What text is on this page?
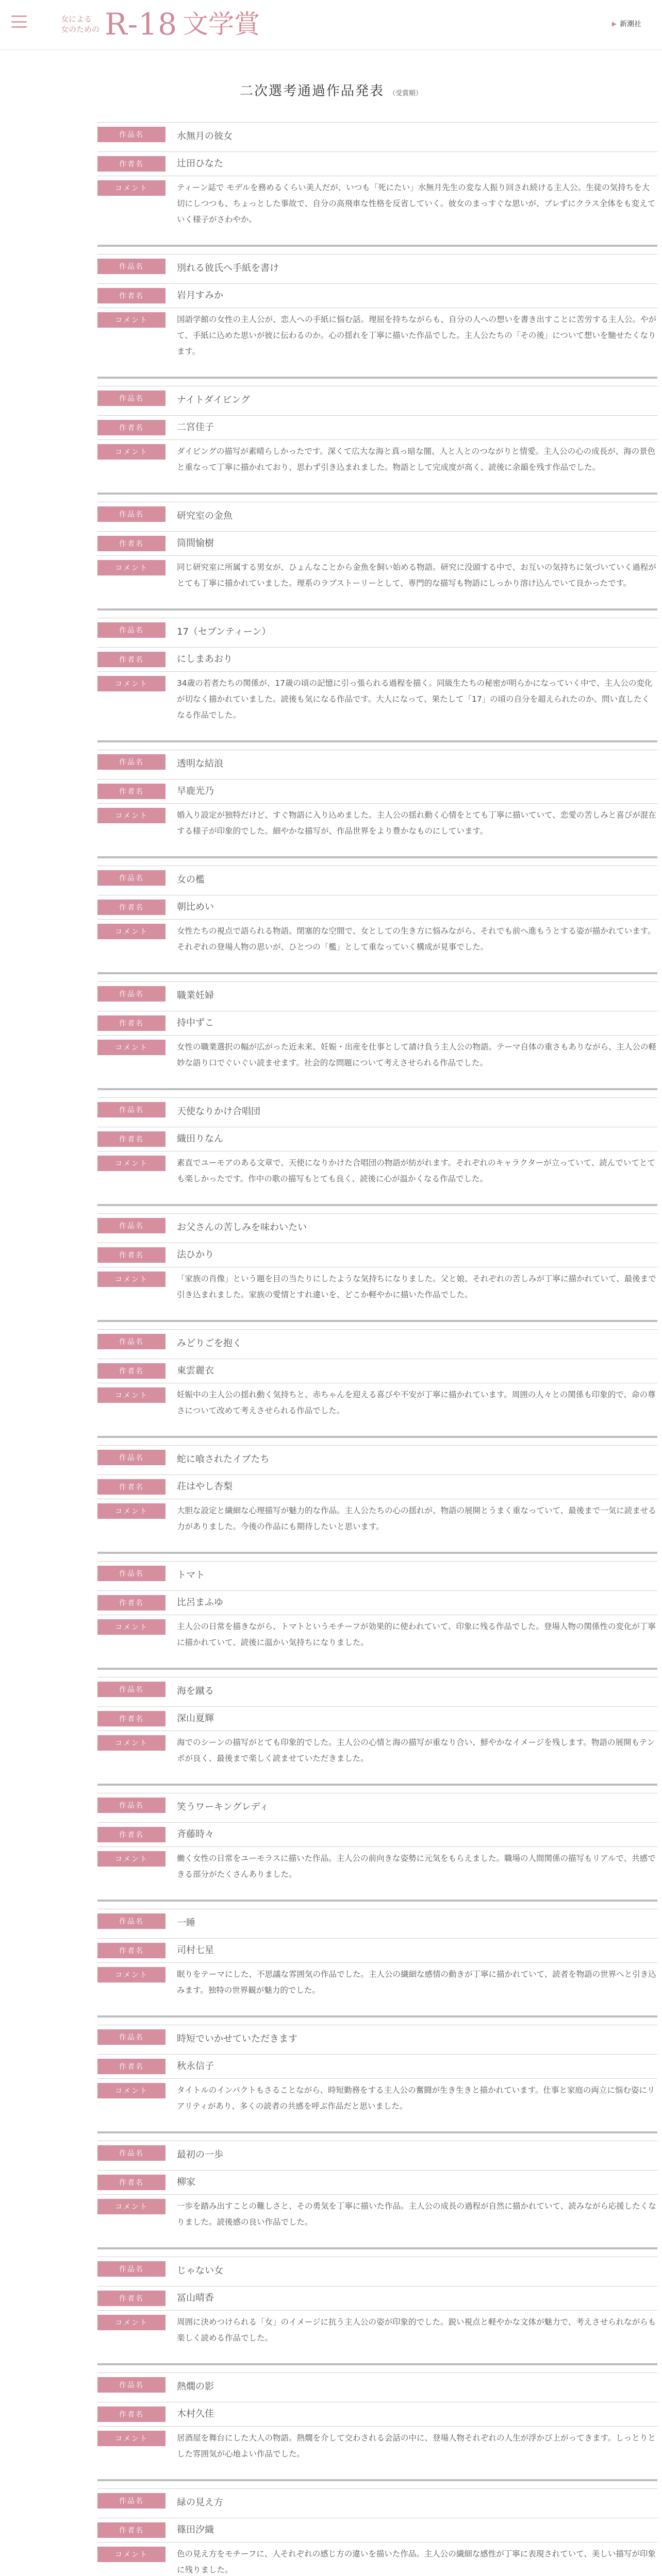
女による
女のための R-18 文学賞	▶ 新潮社
二次選考通過作品発表 （受賞順）
作品名	水無月の彼女
作者名	辻田ひなた
コメント	ティーン誌で モデルを務めるくらい美人だが、いつも「死にたい」水無月先生の変な人振り回され続ける主人公。生徒の気持ちを大切にしつつも、ちょっとした事故で、自分の高飛車な性格を反省していく。彼女のまっすぐな思いが、ブレずにクラス全体をも変えていく様子がさわやか。
作品名	別れる彼氏へ手紙を書け
作者名	岩月すみか
コメント	国語学館の女性の主人公が、恋人への手紙に悩む話。理屈を持ちながらも、自分の人への想いを書き出すことに苦労する主人公。やがて、手紙に込めた思いが彼に伝わるのか。心の揺れを丁寧に描いた作品でした。主人公たちの「その後」について想いを馳せたくなります。
作品名	ナイトダイビング
作者名	二宮佳子
コメント	ダイビングの描写が素晴らしかったです。深くて広大な海と真っ暗な闇、人と人とのつながりと情愛。主人公の心の成長が、海の景色と重なって丁寧に描かれており、思わず引き込まれました。物語として完成度が高く、読後に余韻を残す作品でした。
作品名	研究室の金魚
作者名	筒間愉樹
コメント	同じ研究室に所属する男女が、ひょんなことから金魚を飼い始める物語。研究に没頭する中で、お互いの気持ちに気づいていく過程がとても丁寧に描かれていました。理系のラブストーリーとして、専門的な描写も物語にしっかり溶け込んでいて良かったです。
作品名	17（セブンティーン）
作者名	にしまあおり
コメント	34歳の若者たちの関係が、17歳の頃の記憶に引っ張られる過程を描く。同級生たちの秘密が明らかになっていく中で、主人公の変化が切なく描かれていました。読後も気になる作品です。大人になって、果たして「17」の頃の自分を超えられたのか、問い直したくなる作品でした。
作品名	透明な結浪
作者名	早鹿光乃
コメント	婚入り設定が独特だけど、すぐ物語に入り込めました。主人公の揺れ動く心情をとても丁寧に描いていて、恋愛の苦しみと喜びが混在する様子が印象的でした。細やかな描写が、作品世界をより豊かなものにしています。
作品名	女の檻
作者名	朝比めい
コメント	女性たちの視点で語られる物語。閉塞的な空間で、女としての生き方に悩みながら、それでも前へ進もうとする姿が描かれています。それぞれの登場人物の思いが、ひとつの「檻」として重なっていく構成が見事でした。
作品名	職業妊婦
作者名	持中ずこ
コメント	女性の職業選択の幅が広がった近未来、妊娠・出産を仕事として請け負う主人公の物語。テーマ自体の重さもありながら、主人公の軽妙な語り口でぐいぐい読ませます。社会的な問題について考えさせられる作品でした。
作品名	天使なりかけ合唱団
作者名	織田りなん
コメント	素直でユーモアのある文章で、天使になりかけた合唱団の物語が紡がれます。それぞれのキャラクターが立っていて、読んでいてとても楽しかったです。作中の歌の描写もとても良く、読後に心が温かくなる作品でした。
作品名	お父さんの苦しみを味わいたい
作者名	法ひかり
コメント	「家族の肖像」という題を目の当たりにしたような気持ちになりました。父と娘、それぞれの苦しみが丁寧に描かれていて、最後まで引き込まれました。家族の愛情とすれ違いを、どこか軽やかに描いた作品でした。
作品名	みどりごを抱く
作者名	東雲麗衣
コメント	妊娠中の主人公の揺れ動く気持ちと、赤ちゃんを迎える喜びや不安が丁寧に描かれています。周囲の人々との関係も印象的で、命の尊さについて改めて考えさせられる作品でした。
作品名	蛇に喰されたイブたち
作者名	荘はやし杏梨
コメント	大胆な設定と繊細な心理描写が魅力的な作品。主人公たちの心の揺れが、物語の展開とうまく重なっていて、最後まで一気に読ませる力がありました。今後の作品にも期待したいと思います。
作品名	トマト
作者名	比呂まふゆ
コメント	主人公の日常を描きながら、トマトというモチーフが効果的に使われていて、印象に残る作品でした。登場人物の関係性の変化が丁寧に描かれていて、読後に温かい気持ちになりました。
作品名	海を蹴る
作者名	深山夏輝
コメント	海でのシーンの描写がとても印象的でした。主人公の心情と海の描写が重なり合い、鮮やかなイメージを残します。物語の展開もテンポが良く、最後まで楽しく読ませていただきました。
作品名	笑うワーキングレディ
作者名	斉藤時々
コメント	働く女性の日常をユーモラスに描いた作品。主人公の前向きな姿勢に元気をもらえました。職場の人間関係の描写もリアルで、共感できる部分がたくさんありました。
作品名	一睡
作者名	司村七星
コメント	眠りをテーマにした、不思議な雰囲気の作品でした。主人公の繊細な感情の動きが丁寧に描かれていて、読者を物語の世界へと引き込みます。独特の世界観が魅力的でした。
作品名	時短でいかせていただきます
作者名	秋永信子
コメント	タイトルのインパクトもさることながら、時短勤務をする主人公の奮闘が生き生きと描かれています。仕事と家庭の両立に悩む姿にリアリティがあり、多くの読者の共感を呼ぶ作品だと思いました。
作品名	最初の一歩
作者名	柳家
コメント	一歩を踏み出すことの難しさと、その勇気を丁寧に描いた作品。主人公の成長の過程が自然に描かれていて、読みながら応援したくなりました。読後感の良い作品でした。
作品名	じゃない女
作者名	冨山晴香
コメント	周囲に決めつけられる「女」のイメージに抗う主人公の姿が印象的でした。鋭い視点と軽やかな文体が魅力で、考えさせられながらも楽しく読める作品でした。
作品名	熱燗の影
作者名	木村久佳
コメント	居酒屋を舞台にした大人の物語。熱燗を介して交わされる会話の中に、登場人物それぞれの人生が浮かび上がってきます。しっとりとした雰囲気が心地よい作品でした。
作品名	緑の見え方
作者名	篠田汐織
コメント	色の見え方をモチーフに、人それぞれの感じ方の違いを描いた作品。主人公の繊細な感性が丁寧に表現されていて、美しい描写が印象に残りました。
